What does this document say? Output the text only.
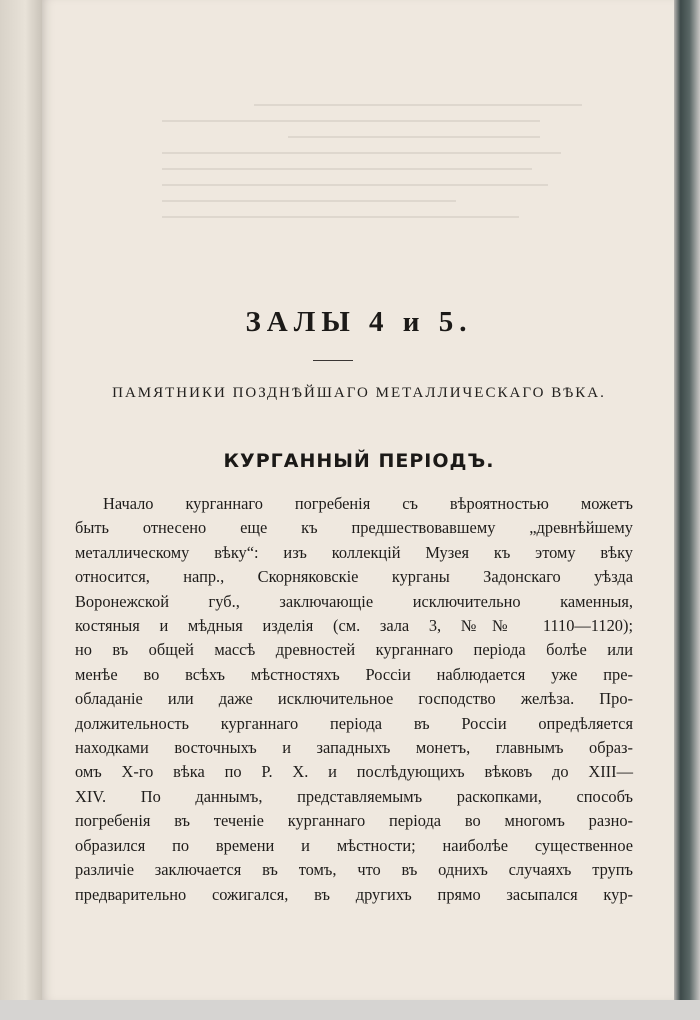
ЗАЛЫ 4 и 5.
ПАМЯТНИКИ ПОЗДНѢЙШАГО МЕТАЛЛИЧЕСКАГО ВѢКА.
КУРГАННЫЙ ПЕРІОДЪ.
Начало курганнаго погребенія съ вѣроятностью можетъ
быть отнесено еще къ предшествовавшему „древнѣйшему
металлическому вѣку“: изъ коллекцій Музея къ этому вѣку
относится, напр., Скорняковскіе курганы Задонскаго уѣзда
Воронежской губ., заключающіе исключительно каменныя,
костяныя и мѣдныя изделія (см. зала 3, №№ 1110—1120);
но въ общей массѣ древностей курганнаго періода болѣе или
менѣе во всѣхъ мѣстностяхъ Россіи наблюдается уже пре-
обладаніе или даже исключительное господство желѣза. Про-
должительность курганнаго періода въ Россіи опредѣляется
находками восточныхъ и западныхъ монетъ, главнымъ образ-
омъ X-го вѣка по Р. Х. и послѣдующихъ вѣковъ до XIII—
XIV. По даннымъ, представляемымъ раскопками, способъ
погребенія въ теченіе курганнаго періода во многомъ разно-
образился по времени и мѣстности; наиболѣе существенное
различіе заключается въ томъ, что въ однихъ случаяхъ трупъ
предварительно сожигался, въ другихъ прямо засыпался кур-
